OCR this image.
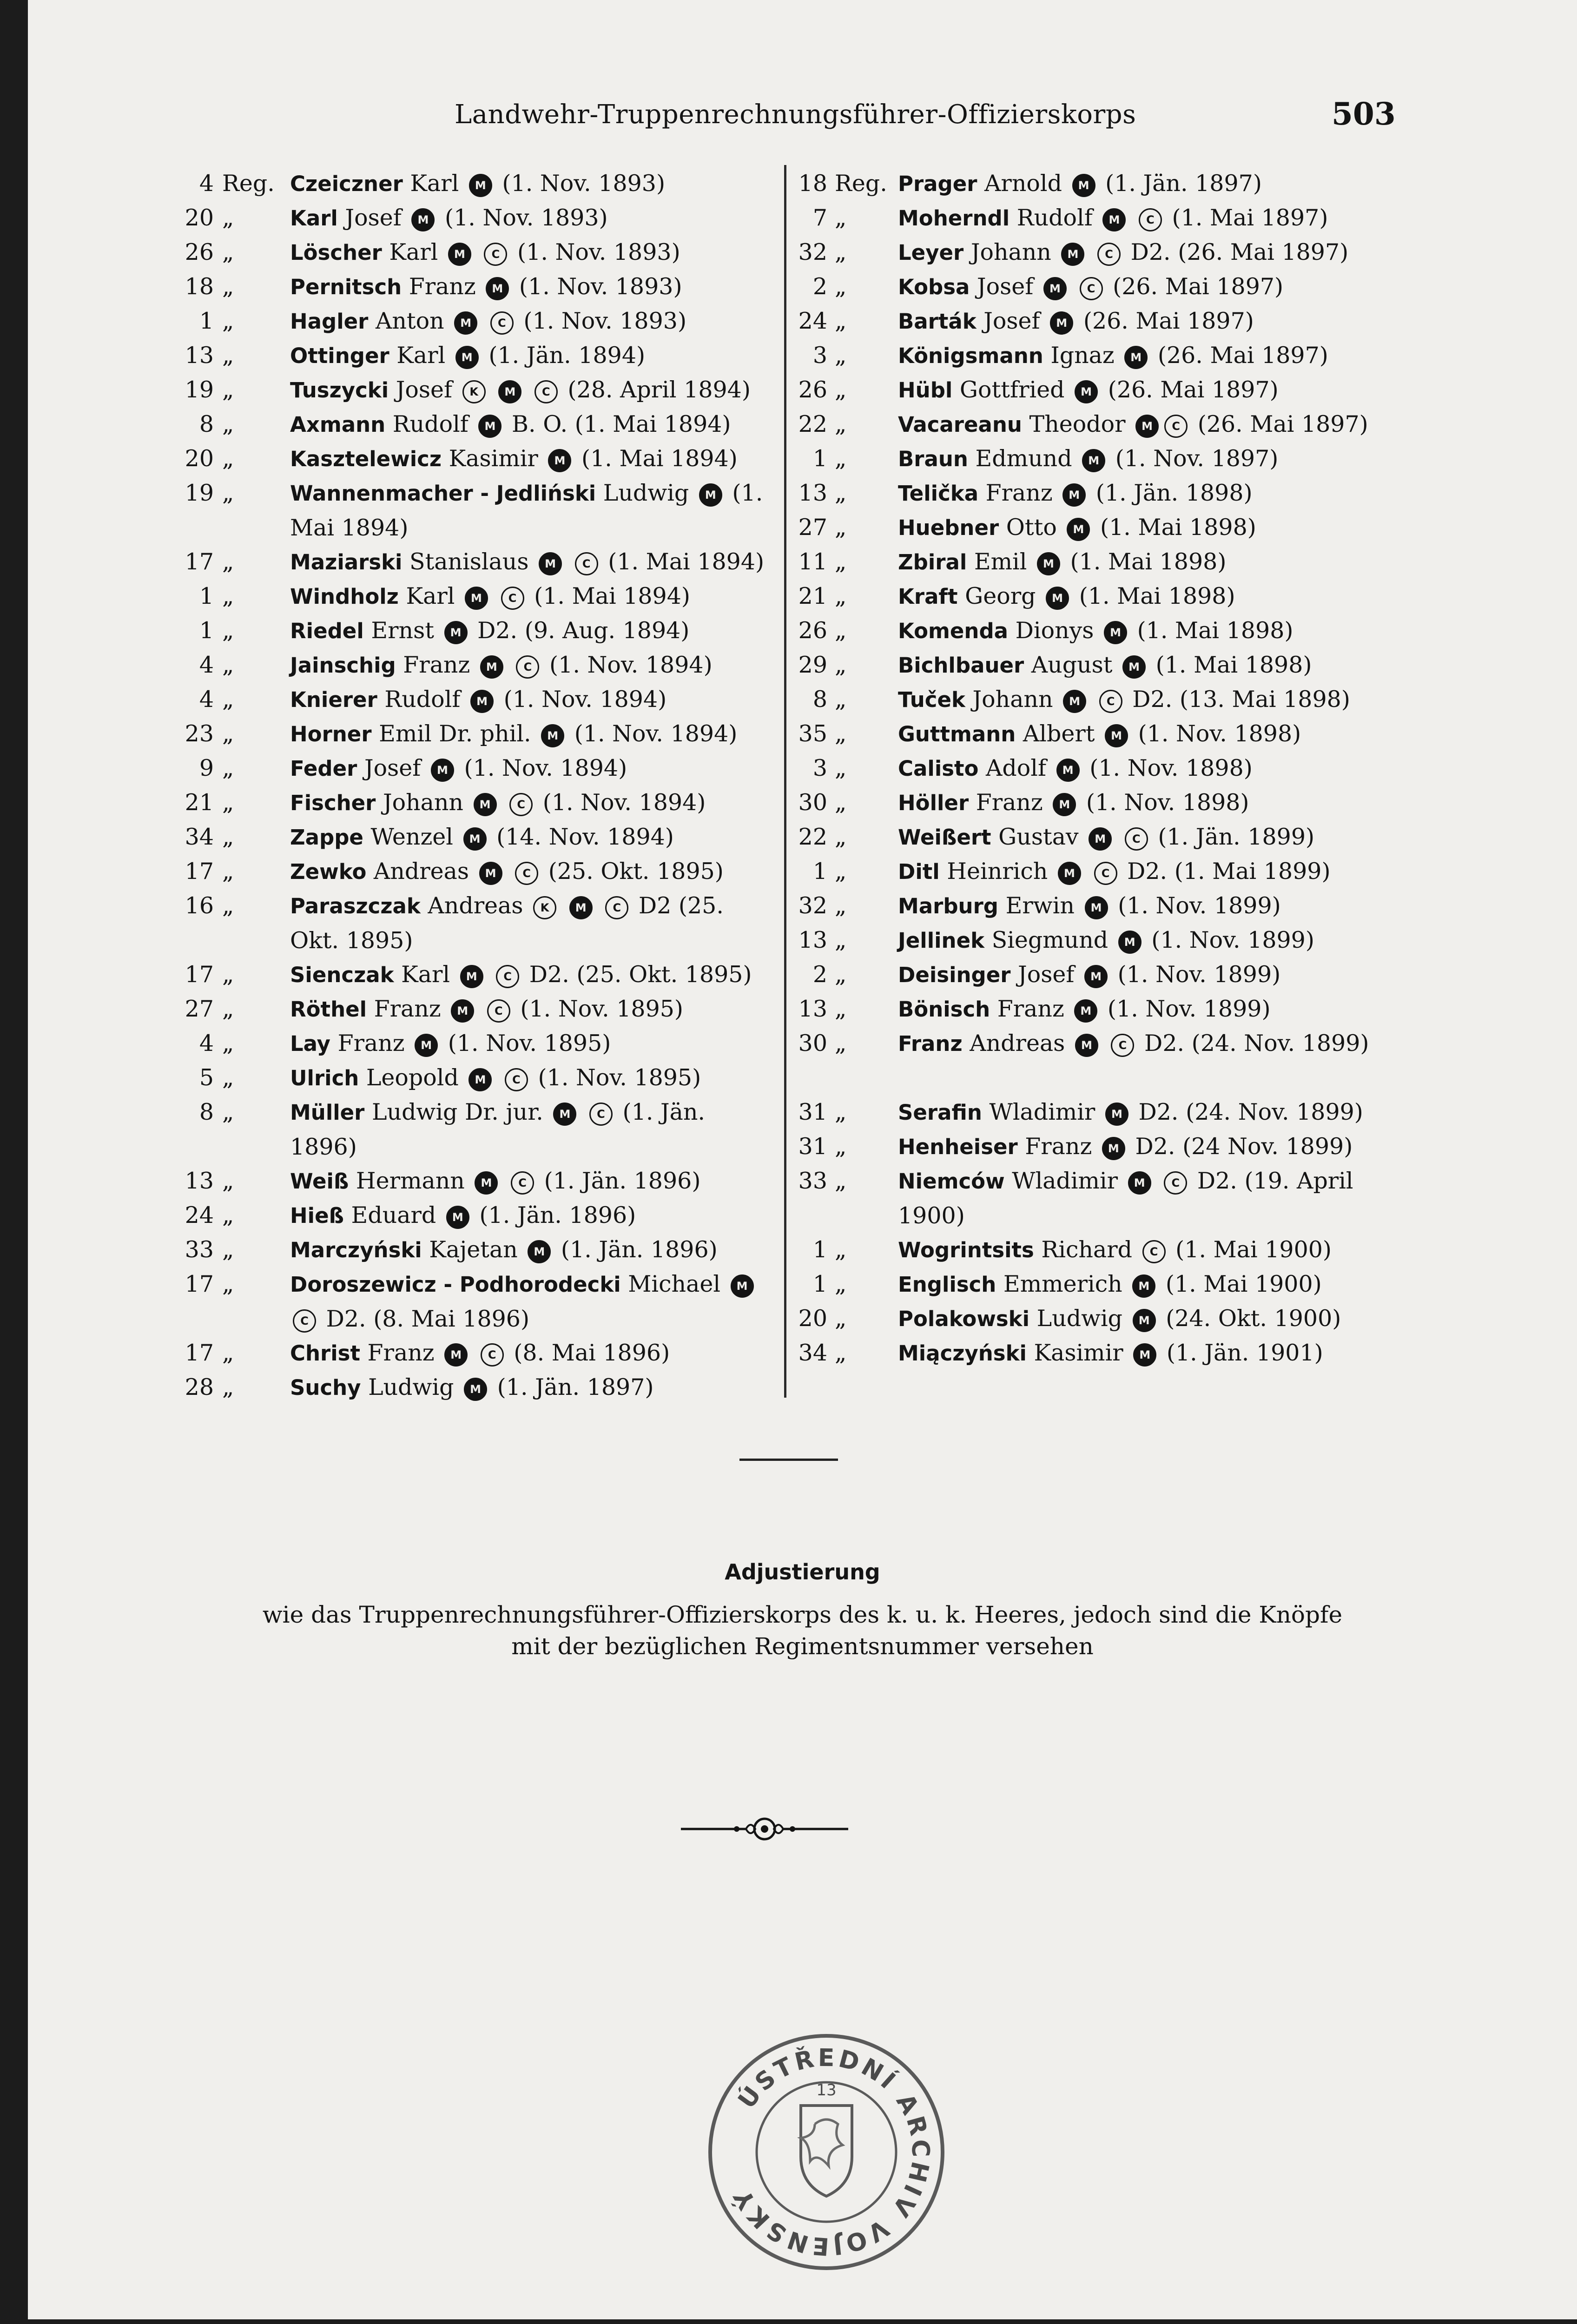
Landwehr-Truppenrechnungsführer-Offizierskorps	503
4 Reg. Czeiczner Karl M (1. Nov. 1893)
20 „	Karl Josef M (1. Nov. 1893)
26 „	Löscher Karl M C (1. Nov. 1893)
18 „	Pernitsch Franz M (1. Nov. 1893)
1 „	Hagler Anton M C (1. Nov. 1893)
13 „	Ottinger Karl M (1. Jän. 1894)
19 „	Tuszycki Josef K M C (28. April 1894)
8 „	Axmann Rudolf M B. O. (1. Mai 1894)
20 „	Kasztelewicz Kasimir M (1. Mai 1894)
19 „	Wannenmacher - Jedliński Ludwig M (1. Mai 1894)
17 „	Maziarski Stanislaus M C (1. Mai 1894)
1 „	Windholz Karl M C (1. Mai 1894)
1 „	Riedel Ernst M D2. (9. Aug. 1894)
4 „	Jainschig Franz M C (1. Nov. 1894)
4 „	Knierer Rudolf M (1. Nov. 1894)
23 „	Horner Emil Dr. phil. M (1. Nov. 1894)
9 „	Feder Josef M (1. Nov. 1894)
21 „	Fischer Johann M C (1. Nov. 1894)
34 „	Zappe Wenzel M (14. Nov. 1894)
17 „	Zewko Andreas M C (25. Okt. 1895)
16 „	Paraszczak Andreas K M C D2 (25. Okt. 1895)
17 „	Sienczak Karl M C D2. (25. Okt. 1895)
27 „	Röthel Franz M C (1. Nov. 1895)
4 „	Lay Franz M (1. Nov. 1895)
5 „	Ulrich Leopold M C (1. Nov. 1895)
8 „	Müller Ludwig Dr. jur. M C (1. Jän. 1896)
13 „	Weiß Hermann M C (1. Jän. 1896)
24 „	Hieß Eduard M (1. Jän. 1896)
33 „	Marczyński Kajetan M (1. Jän. 1896)
17 „	Doroszewicz - Podhorodecki Michael M C D2. (8. Mai 1896)
17 „	Christ Franz M C (8. Mai 1896)
28 „	Suchy Ludwig M (1. Jän. 1897)
18 Reg. Prager Arnold M (1. Jän. 1897)
7 „ Moherndl Rudolf M C (1. Mai 1897)
32 „ Leyer Johann M C D2. (26. Mai 1897)
2 „ Kobsa Josef M C (26. Mai 1897)
24 „ Barták Josef M (26. Mai 1897)
3 „ Königsmann Ignaz M (26. Mai 1897)
26 „ Hübl Gottfried M (26. Mai 1897)
22 „ Vacareanu Theodor M C (26. Mai 1897)
1 „ Braun Edmund M (1. Nov. 1897)
13 „ Telička Franz M (1. Jän. 1898)
27 „ Huebner Otto M (1. Mai 1898)
11 „ Zbiral Emil M (1. Mai 1898)
21 „ Kraft Georg M (1. Mai 1898)
26 „ Komenda Dionys M (1. Mai 1898)
29 „ Bichlbauer August M (1. Mai 1898)
8 „ Tuček Johann M C D2. (13. Mai 1898)
35 „ Guttmann Albert M (1. Nov. 1898)
3 „ Calisto Adolf M (1. Nov. 1898)
30 „ Höller Franz M (1. Nov. 1898)
22 „ Weißert Gustav M C (1. Jän. 1899)
1 „ Ditl Heinrich M C D2. (1. Mai 1899)
32 „ Marburg Erwin M (1. Nov. 1899)
13 „ Jellinek Siegmund M (1. Nov. 1899)
2 „ Deisinger Josef M (1. Nov. 1899)
13 „ Bönisch Franz M (1. Nov. 1899)
30 „ Franz Andreas M C D2. (24. Nov. 1899)
31 „ Serafin Wladimir M D2. (24. Nov. 1899)
31 „ Henheiser Franz M D2. (24 Nov. 1899)
33 „ Niemców Wladimir M C D2. (19. April 1900)
1 „ Wogrintsits Richard C (1. Mai 1900)
1 „ Englisch Emmerich M (1. Mai 1900)
20 „ Polakowski Ludwig M (24. Okt. 1900)
34 „ Miączyński Kasimir M (1. Jän. 1901)
Adjustierung
wie das Truppenrechnungsführer-Offizierskorps des k. u. k. Heeres, jedoch sind die Knöpfe
mit der bezüglichen Regimentsnummer versehen
ÚSTŘEDNÍ ARCHIV VOJENSKÝ
13
